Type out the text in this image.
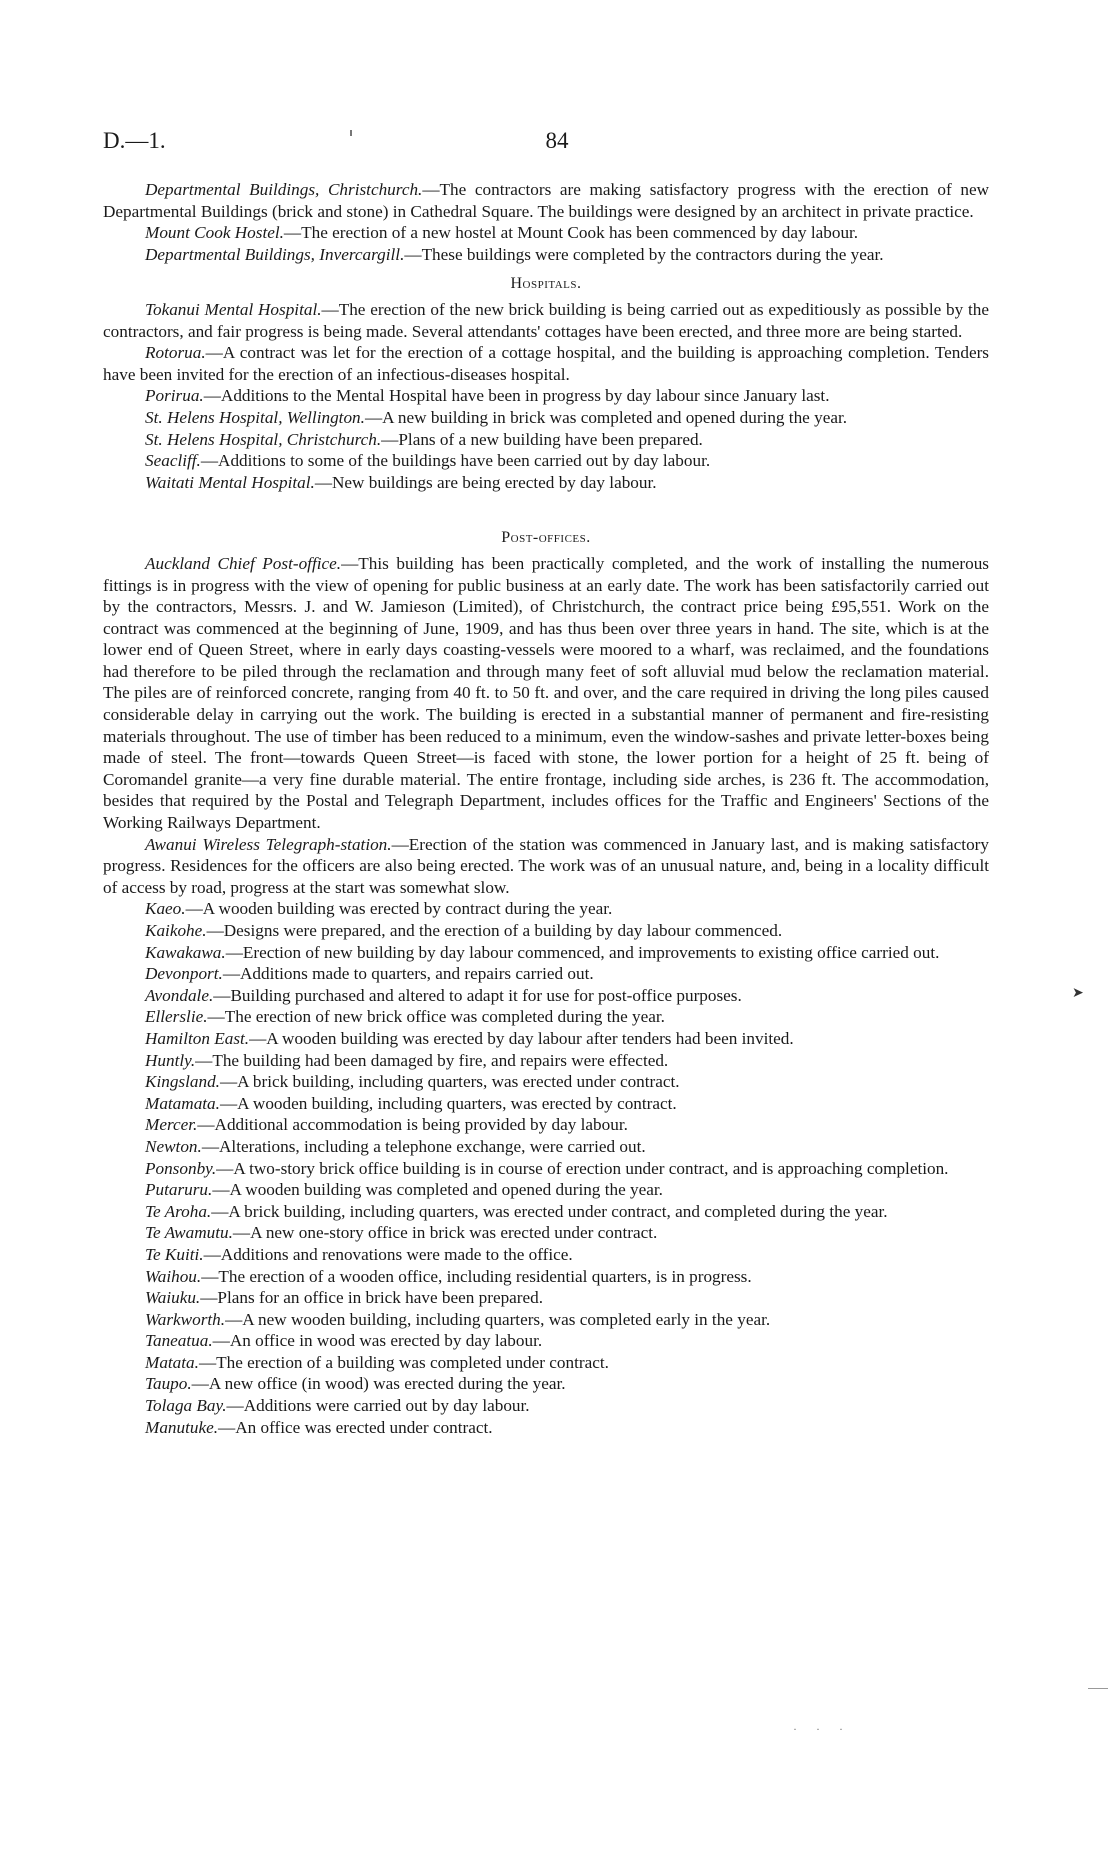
D.—1.	84

Departmental Buildings, Christchurch.—The contractors are making satisfactory progress with the erection of new Departmental Buildings (brick and stone) in Cathedral Square. The buildings were designed by an architect in private practice.

Mount Cook Hostel.—The erection of a new hostel at Mount Cook has been commenced by day labour.

Departmental Buildings, Invercargill.—These buildings were completed by the contractors during the year.

Hospitals.

Tokanui Mental Hospital.—The erection of the new brick building is being carried out as expeditiously as possible by the contractors, and fair progress is being made. Several attendants' cottages have been erected, and three more are being started.

Rotorua.—A contract was let for the erection of a cottage hospital, and the building is approaching completion. Tenders have been invited for the erection of an infectious-diseases hospital.

Porirua.—Additions to the Mental Hospital have been in progress by day labour since January last.

St. Helens Hospital, Wellington.—A new building in brick was completed and opened during the year.

St. Helens Hospital, Christchurch.—Plans of a new building have been prepared.

Seacliff.—Additions to some of the buildings have been carried out by day labour.

Waitati Mental Hospital.—New buildings are being erected by day labour.

Post-offices.

Auckland Chief Post-office.—This building has been practically completed, and the work of installing the numerous fittings is in progress with the view of opening for public business at an early date. The work has been satisfactorily carried out by the contractors, Messrs. J. and W. Jamieson (Limited), of Christchurch, the contract price being £95,551. Work on the contract was commenced at the beginning of June, 1909, and has thus been over three years in hand. The site, which is at the lower end of Queen Street, where in early days coasting-vessels were moored to a wharf, was reclaimed, and the foundations had therefore to be piled through the reclamation and through many feet of soft alluvial mud below the reclamation material. The piles are of reinforced concrete, ranging from 40 ft. to 50 ft. and over, and the care required in driving the long piles caused considerable delay in carrying out the work. The building is erected in a substantial manner of permanent and fire-resisting materials throughout. The use of timber has been reduced to a minimum, even the window-sashes and private letter-boxes being made of steel. The front—towards Queen Street—is faced with stone, the lower portion for a height of 25 ft. being of Coromandel granite—a very fine durable material. The entire frontage, including side arches, is 236 ft. The accommodation, besides that required by the Postal and Telegraph Department, includes offices for the Traffic and Engineers' Sections of the Working Railways Department.

Awanui Wireless Telegraph-station.—Erection of the station was commenced in January last, and is making satisfactory progress. Residences for the officers are also being erected. The work was of an unusual nature, and, being in a locality difficult of access by road, progress at the start was somewhat slow.

Kaeo.—A wooden building was erected by contract during the year.

Kaikohe.—Designs were prepared, and the erection of a building by day labour commenced.

Kawakawa.—Erection of new building by day labour commenced, and improvements to existing office carried out.

Devonport.—Additions made to quarters, and repairs carried out.

Avondale.—Building purchased and altered to adapt it for use for post-office purposes.

Ellerslie.—The erection of new brick office was completed during the year.

Hamilton East.—A wooden building was erected by day labour after tenders had been invited.

Huntly.—The building had been damaged by fire, and repairs were effected.

Kingsland.—A brick building, including quarters, was erected under contract.

Matamata.—A wooden building, including quarters, was erected by contract.

Mercer.—Additional accommodation is being provided by day labour.

Newton.—Alterations, including a telephone exchange, were carried out.

Ponsonby.—A two-story brick office building is in course of erection under contract, and is approaching completion.

Putaruru.—A wooden building was completed and opened during the year.

Te Aroha.—A brick building, including quarters, was erected under contract, and completed during the year.

Te Awamutu.—A new one-story office in brick was erected under contract.

Te Kuiti.—Additions and renovations were made to the office.

Waihou.—The erection of a wooden office, including residential quarters, is in progress.

Waiuku.—Plans for an office in brick have been prepared.

Warkworth.—A new wooden building, including quarters, was completed early in the year.

Taneatua.—An office in wood was erected by day labour.

Matata.—The erection of a building was completed under contract.

Taupo.—A new office (in wood) was erected during the year.

Tolaga Bay.—Additions were carried out by day labour.

Manutuke.—An office was erected under contract.

➤
· · ·
